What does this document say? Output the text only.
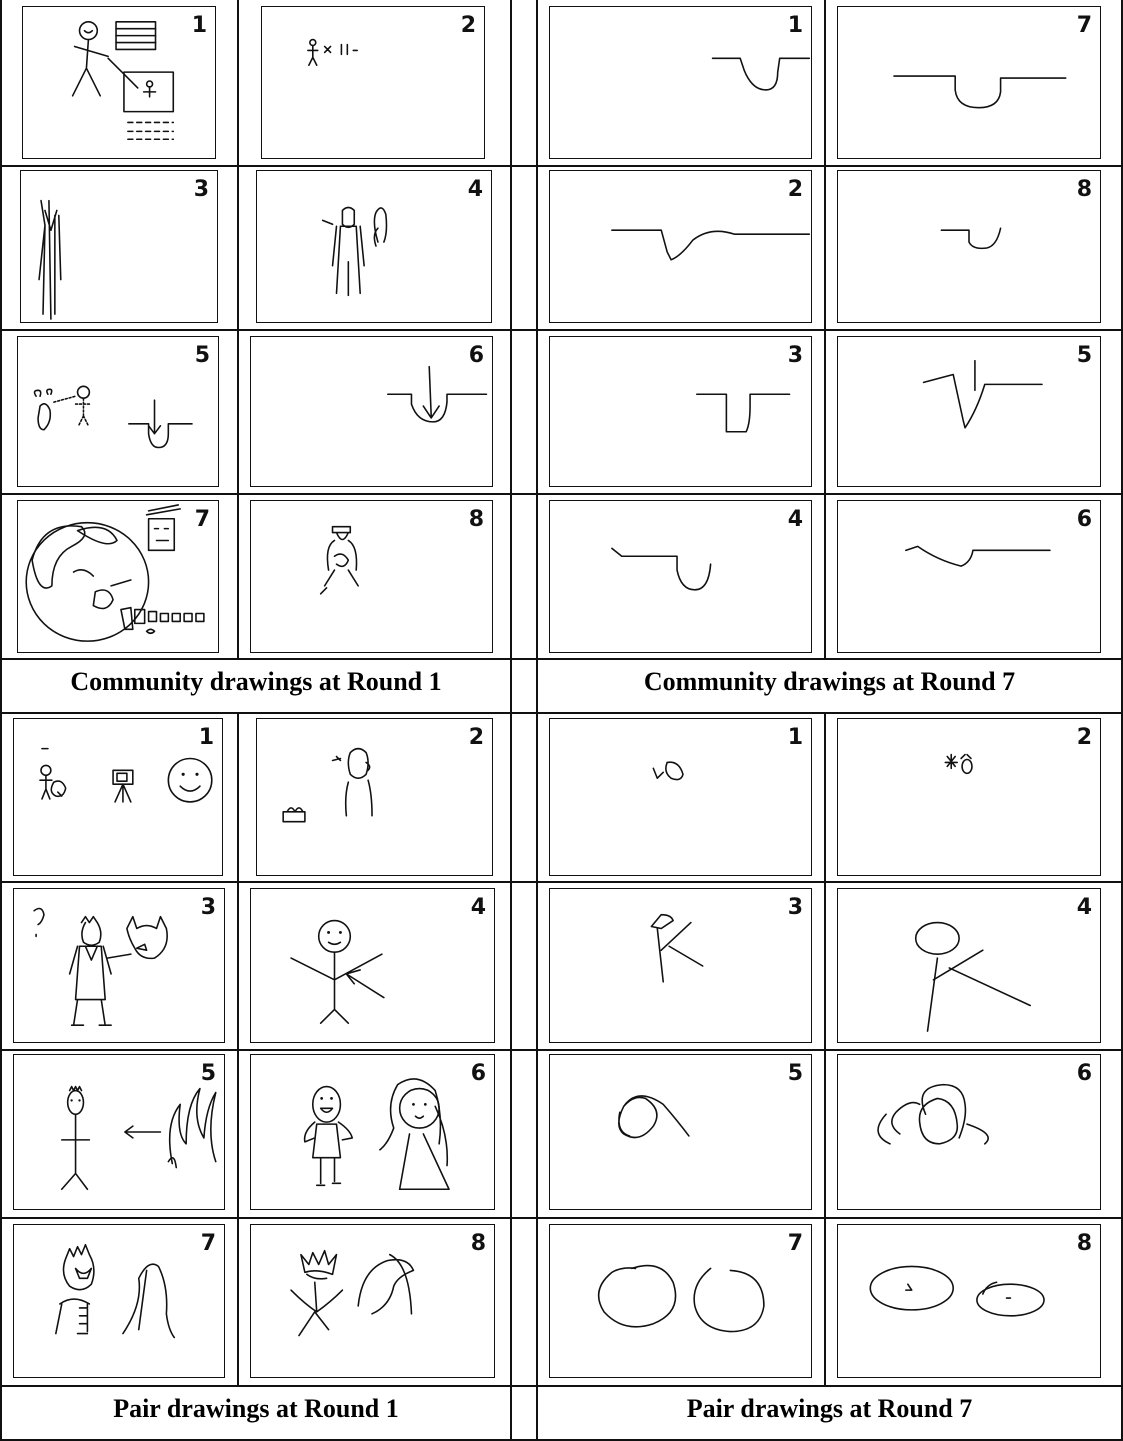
1	2
3	4
5	6
7	8
Community drawings at Round 1
1	7
2	8
3	5
4	6
Community drawings at Round 7
1	2
3	4
5	6
7	8
Pair drawings at Round 1
1	2
3	4
5	6
7	8
Pair drawings at Round 7
